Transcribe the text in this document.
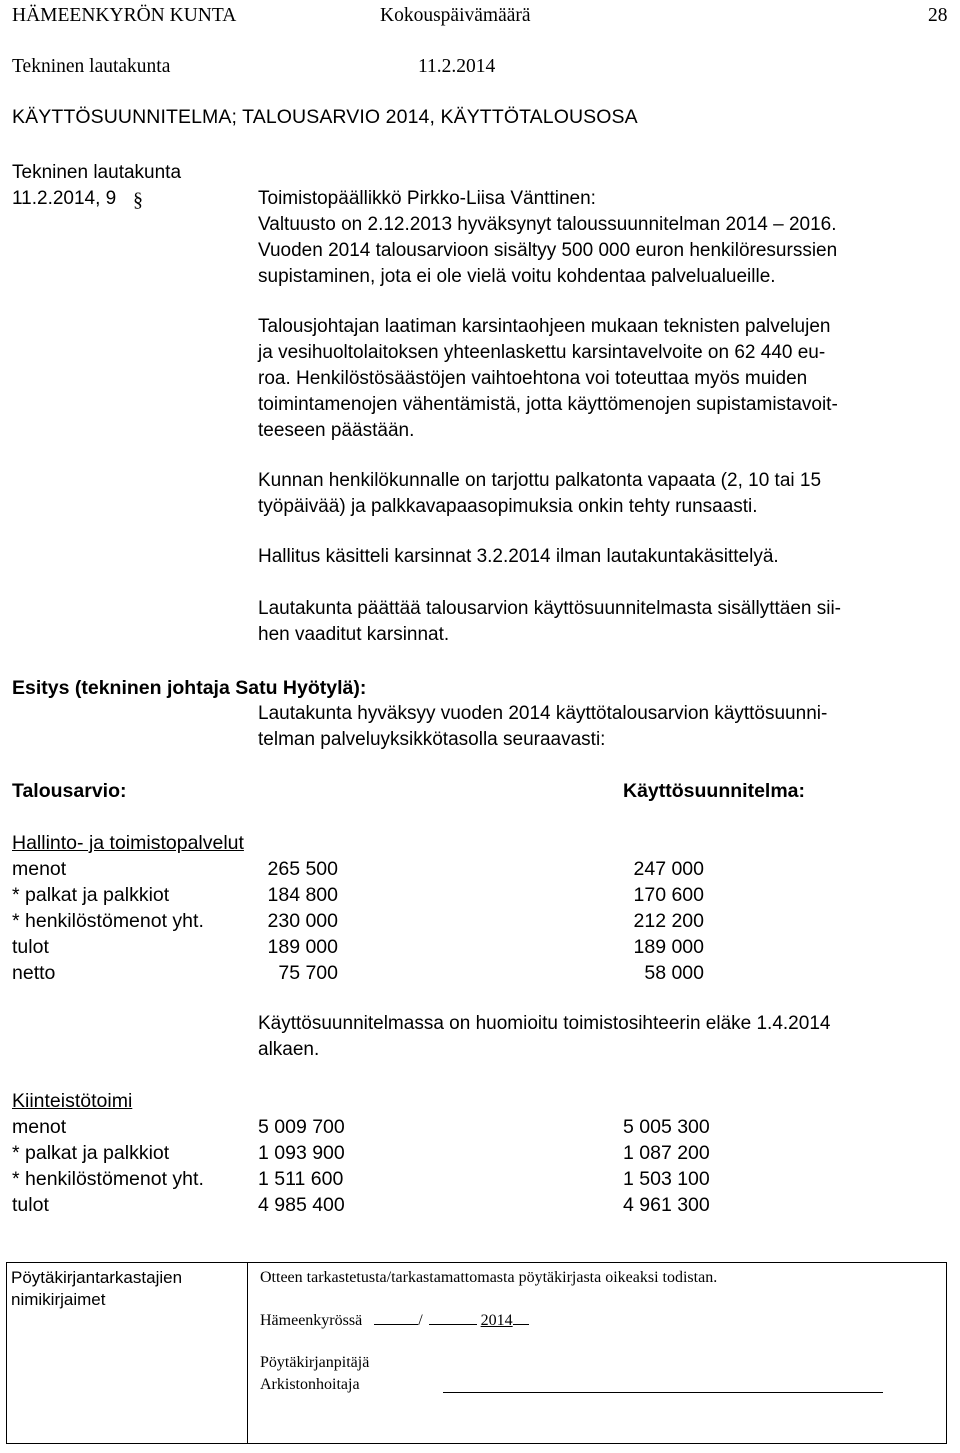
HÄMEENKYRÖN KUNTA	Kokouspäivämäärä	28
Tekninen lautakunta	11.2.2014
KÄYTTÖSUUNNITELMA; TALOUSARVIO 2014, KÄYTTÖTALOUSOSA
Tekninen lautakunta
11.2.2014, 9 §	Toimistopäällikkö Pirkko-Liisa Vänttinen:
Valtuusto on 2.12.2013 hyväksynyt taloussuunnitelman 2014 – 2016.
Vuoden 2014 talousarvioon sisältyy 500 000 euron henkilöresurssien
supistaminen, jota ei ole vielä voitu kohdentaa palvelualueille.
Talousjohtajan laatiman karsintaohjeen mukaan teknisten palvelujen
ja vesihuoltolaitoksen yhteenlaskettu karsintavelvoite on 62 440 eu-
roa. Henkilöstösäästöjen vaihtoehtona voi toteuttaa myös muiden
toimintamenojen vähentämistä, jotta käyttömenojen supistamistavoit-
teeseen päästään.
Kunnan henkilökunnalle on tarjottu palkatonta vapaata (2, 10 tai 15
työpäivää) ja palkkavapaasopimuksia onkin tehty runsaasti.
Hallitus käsitteli karsinnat 3.2.2014 ilman lautakuntakäsittelyä.
Lautakunta päättää talousarvion käyttösuunnitelmasta sisällyttäen sii-
hen vaaditut karsinnat.
Esitys (tekninen johtaja Satu Hyötylä):
Lautakunta hyväksyy vuoden 2014 käyttötalousarvion käyttösuunni-
telman palveluyksikkötasolla seuraavasti:
Talousarvio:	Käyttösuunnitelma:
Hallinto- ja toimistopalvelut
menot	265 500	247 000
* palkat ja palkkiot	184 800	170 600
* henkilöstömenot yht.	230 000	212 200
tulot	189 000	189 000
netto	75 700	58 000
Käyttösuunnitelmassa on huomioitu toimistosihteerin eläke 1.4.2014
alkaen.
Kiinteistötoimi
menot	5 009 700	5 005 300
* palkat ja palkkiot	1 093 900	1 087 200
* henkilöstömenot yht.	1 511 600	1 503 100
tulot	4 985 400	4 961 300
Pöytäkirjantarkastajien
nimikirjaimet
Otteen tarkastetusta/tarkastamattomasta pöytäkirjasta oikeaksi todistan.
Hämeenkyrössä	/	2014
Pöytäkirjanpitäjä
Arkistonhoitaja
